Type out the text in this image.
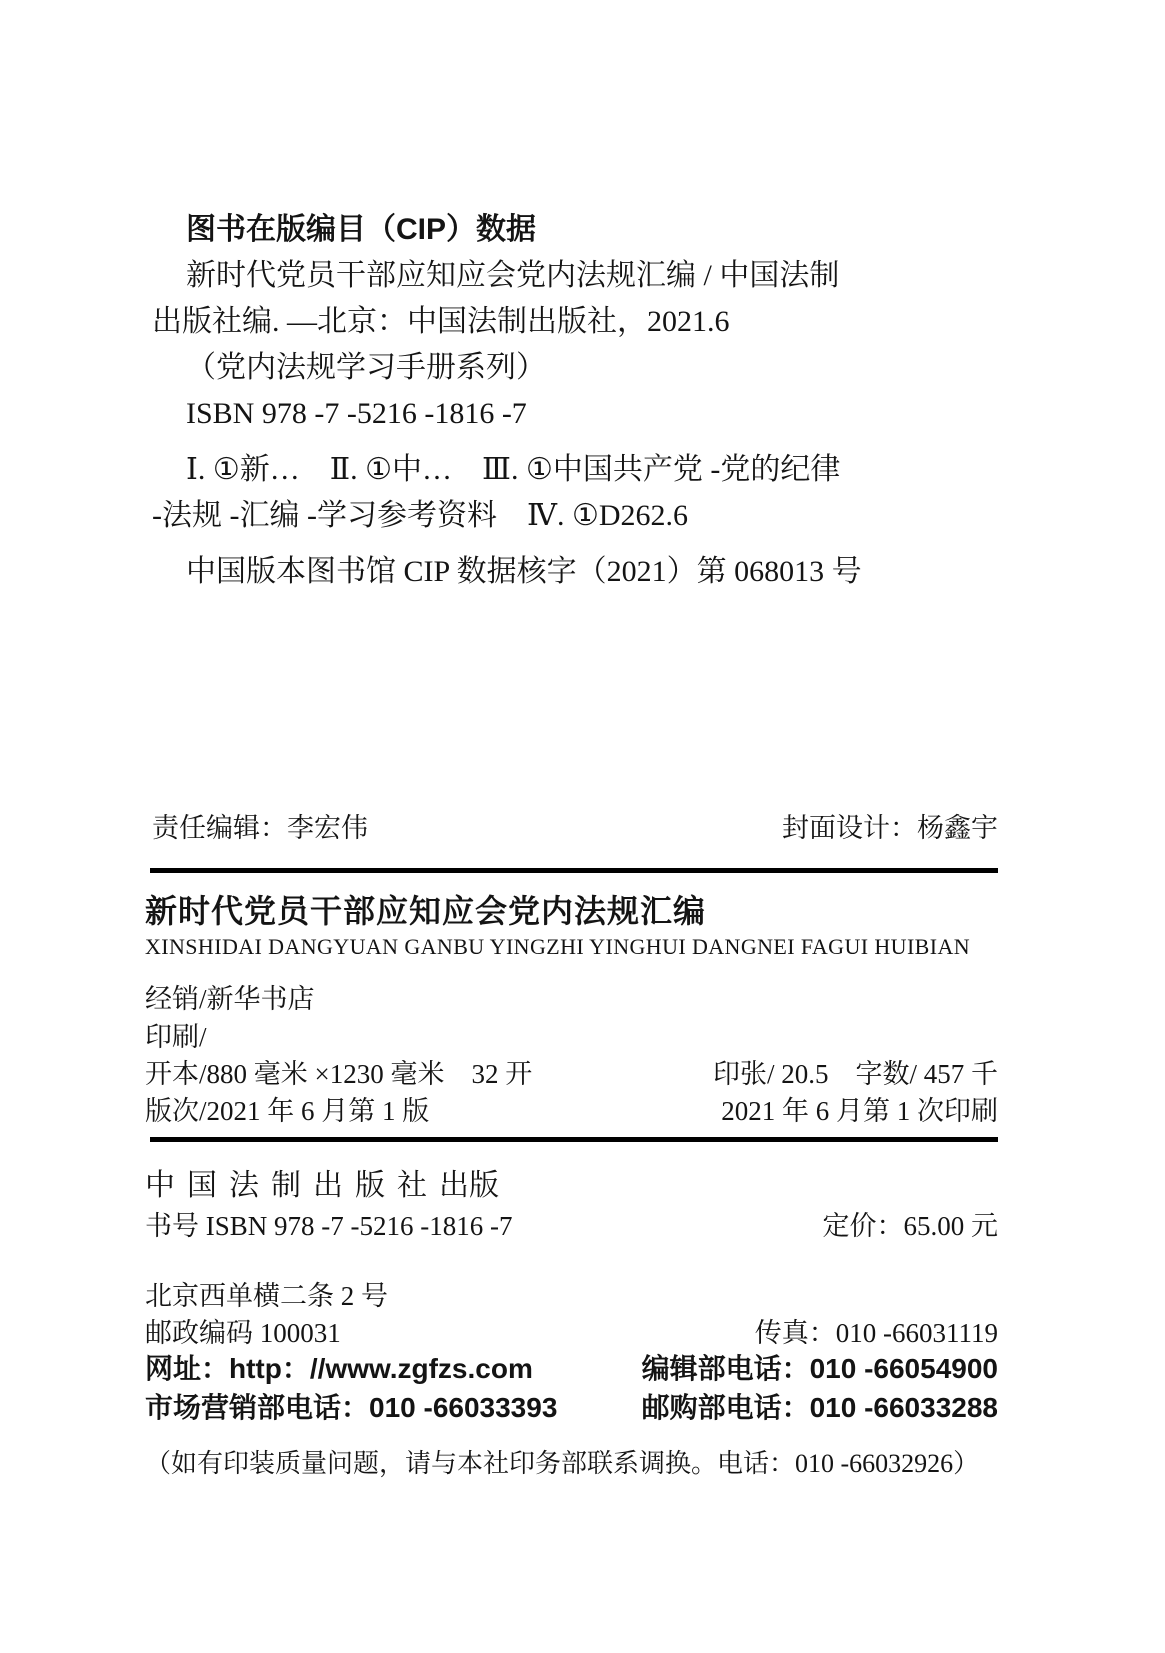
图书在版编目（CIP）数据
新时代党员干部应知应会党内法规汇编 / 中国法制
出版社编. —北京：中国法制出版社，2021.6
（党内法规学习手册系列）
ISBN 978 -7 -5216 -1816 -7
Ⅰ. ①新…　Ⅱ. ①中…　Ⅲ. ①中国共产党 -党的纪律
-法规 -汇编 -学习参考资料　Ⅳ. ①D262.6
中国版本图书馆 CIP 数据核字（2021）第 068013 号
责任编辑：李宏伟	封面设计：杨鑫宇
新时代党员干部应知应会党内法规汇编
XINSHIDAI DANGYUAN GANBU YINGZHI YINGHUI DANGNEI FAGUI HUIBIAN
经销/新华书店
印刷/
开本/880 毫米 ×1230 毫米　32 开	印张/ 20.5　字数/ 457 千
版次/2021 年 6 月第 1 版	2021 年 6 月第 1 次印刷
中国法制出版社出版
书号 ISBN 978 -7 -5216 -1816 -7	定价：65.00 元
北京西单横二条 2 号
邮政编码 100031	传真：010 -66031119
网址：http：//www.zgfzs.com	编辑部电话：010 -66054900
市场营销部电话：010 -66033393	邮购部电话：010 -66033288
（如有印装质量问题，请与本社印务部联系调换。电话：010 -66032926）
